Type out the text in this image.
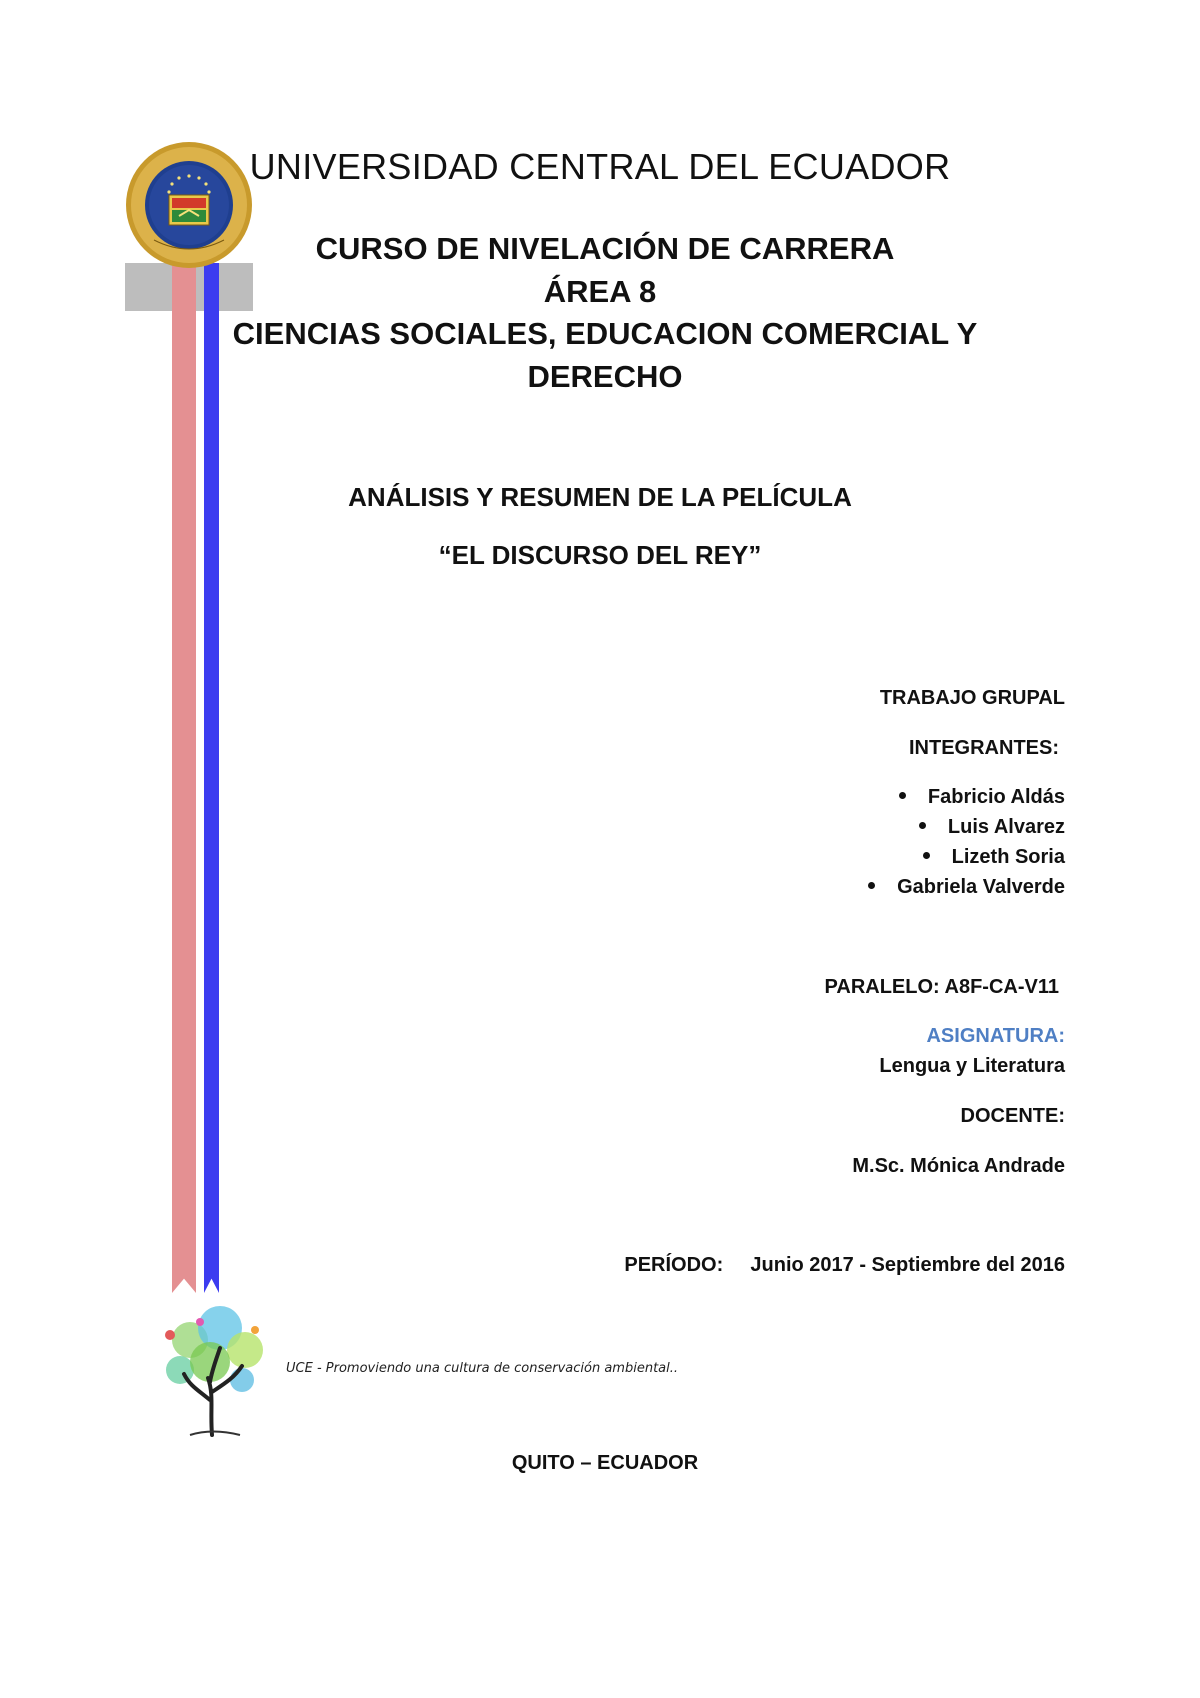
UNIVERSIDAD CENTRAL DEL ECUADOR
CURSO DE NIVELACIÓN DE CARRERA
ÁREA 8
CIENCIAS SOCIALES, EDUCACION COMERCIAL Y
DERECHO
ANÁLISIS Y RESUMEN DE LA PELÍCULA
“EL DISCURSO DEL REY”
TRABAJO GRUPAL
INTEGRANTES:
Fabricio Aldás
Luis Alvarez
Lizeth Soria
Gabriela Valverde
PARALELO: A8F-CA-V11
ASIGNATURA:
Lengua y Literatura
DOCENTE:
M.Sc. Mónica Andrade
PERÍODO: Junio 2017 - Septiembre del 2016
UCE - Promoviendo una cultura de conservación ambiental..
QUITO – ECUADOR
